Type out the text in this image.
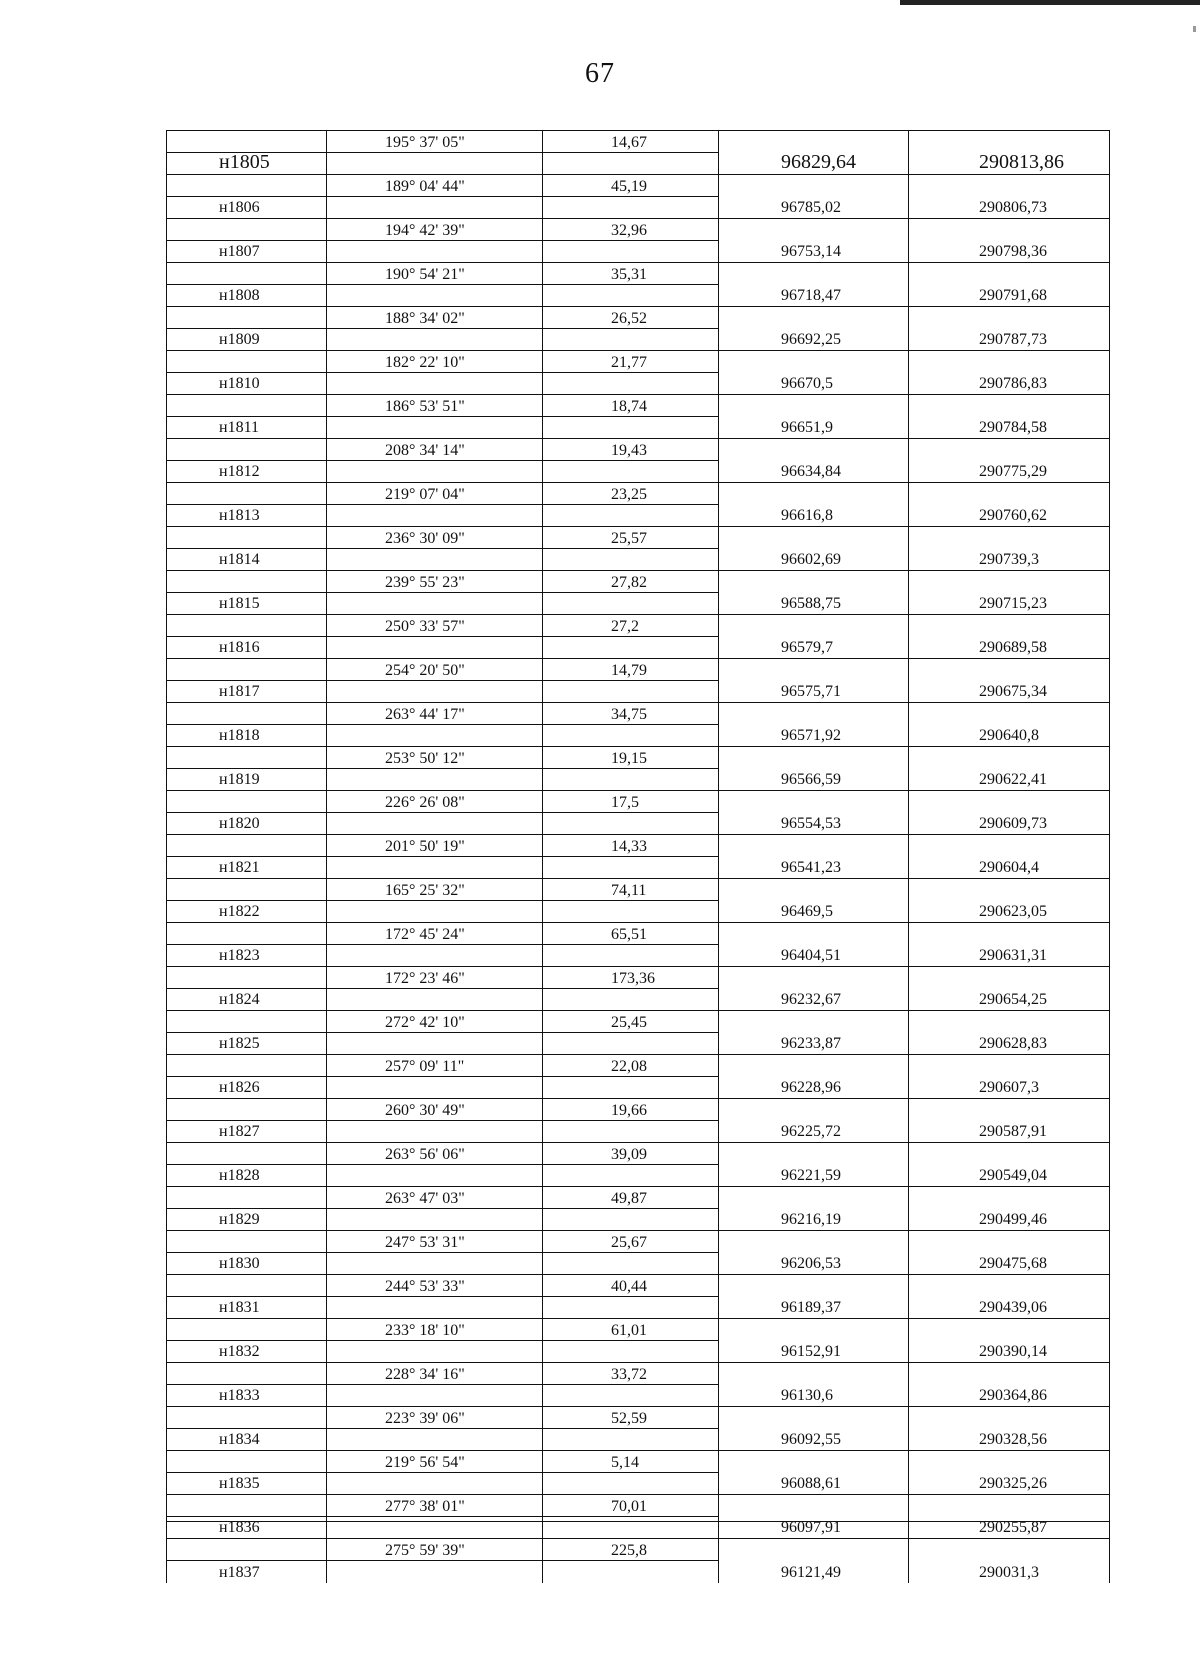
67
195° 37' 05"	14,67
н1805	96829,64	290813,86
189° 04' 44"	45,19
н1806	96785,02	290806,73
194° 42' 39"	32,96
н1807	96753,14	290798,36
190° 54' 21"	35,31
н1808	96718,47	290791,68
188° 34' 02"	26,52
н1809	96692,25	290787,73
182° 22' 10"	21,77
н1810	96670,5	290786,83
186° 53' 51"	18,74
н1811	96651,9	290784,58
208° 34' 14"	19,43
н1812	96634,84	290775,29
219° 07' 04"	23,25
н1813	96616,8	290760,62
236° 30' 09"	25,57
н1814	96602,69	290739,3
239° 55' 23"	27,82
н1815	96588,75	290715,23
250° 33' 57"	27,2
н1816	96579,7	290689,58
254° 20' 50"	14,79
н1817	96575,71	290675,34
263° 44' 17"	34,75
н1818	96571,92	290640,8
253° 50' 12"	19,15
н1819	96566,59	290622,41
226° 26' 08"	17,5
н1820	96554,53	290609,73
201° 50' 19"	14,33
н1821	96541,23	290604,4
165° 25' 32"	74,11
н1822	96469,5	290623,05
172° 45' 24"	65,51
н1823	96404,51	290631,31
172° 23' 46"	173,36
н1824	96232,67	290654,25
272° 42' 10"	25,45
н1825	96233,87	290628,83
257° 09' 11"	22,08
н1826	96228,96	290607,3
260° 30' 49"	19,66
н1827	96225,72	290587,91
263° 56' 06"	39,09
н1828	96221,59	290549,04
263° 47' 03"	49,87
н1829	96216,19	290499,46
247° 53' 31"	25,67
н1830	96206,53	290475,68
244° 53' 33"	40,44
н1831	96189,37	290439,06
233° 18' 10"	61,01
н1832	96152,91	290390,14
228° 34' 16"	33,72
н1833	96130,6	290364,86
223° 39' 06"	52,59
н1834	96092,55	290328,56
219° 56' 54"	5,14
н1835	96088,61	290325,26
277° 38' 01"	70,01
н1836	96097,91	290255,87
275° 59' 39"	225,8
н1837	96121,49	290031,3
